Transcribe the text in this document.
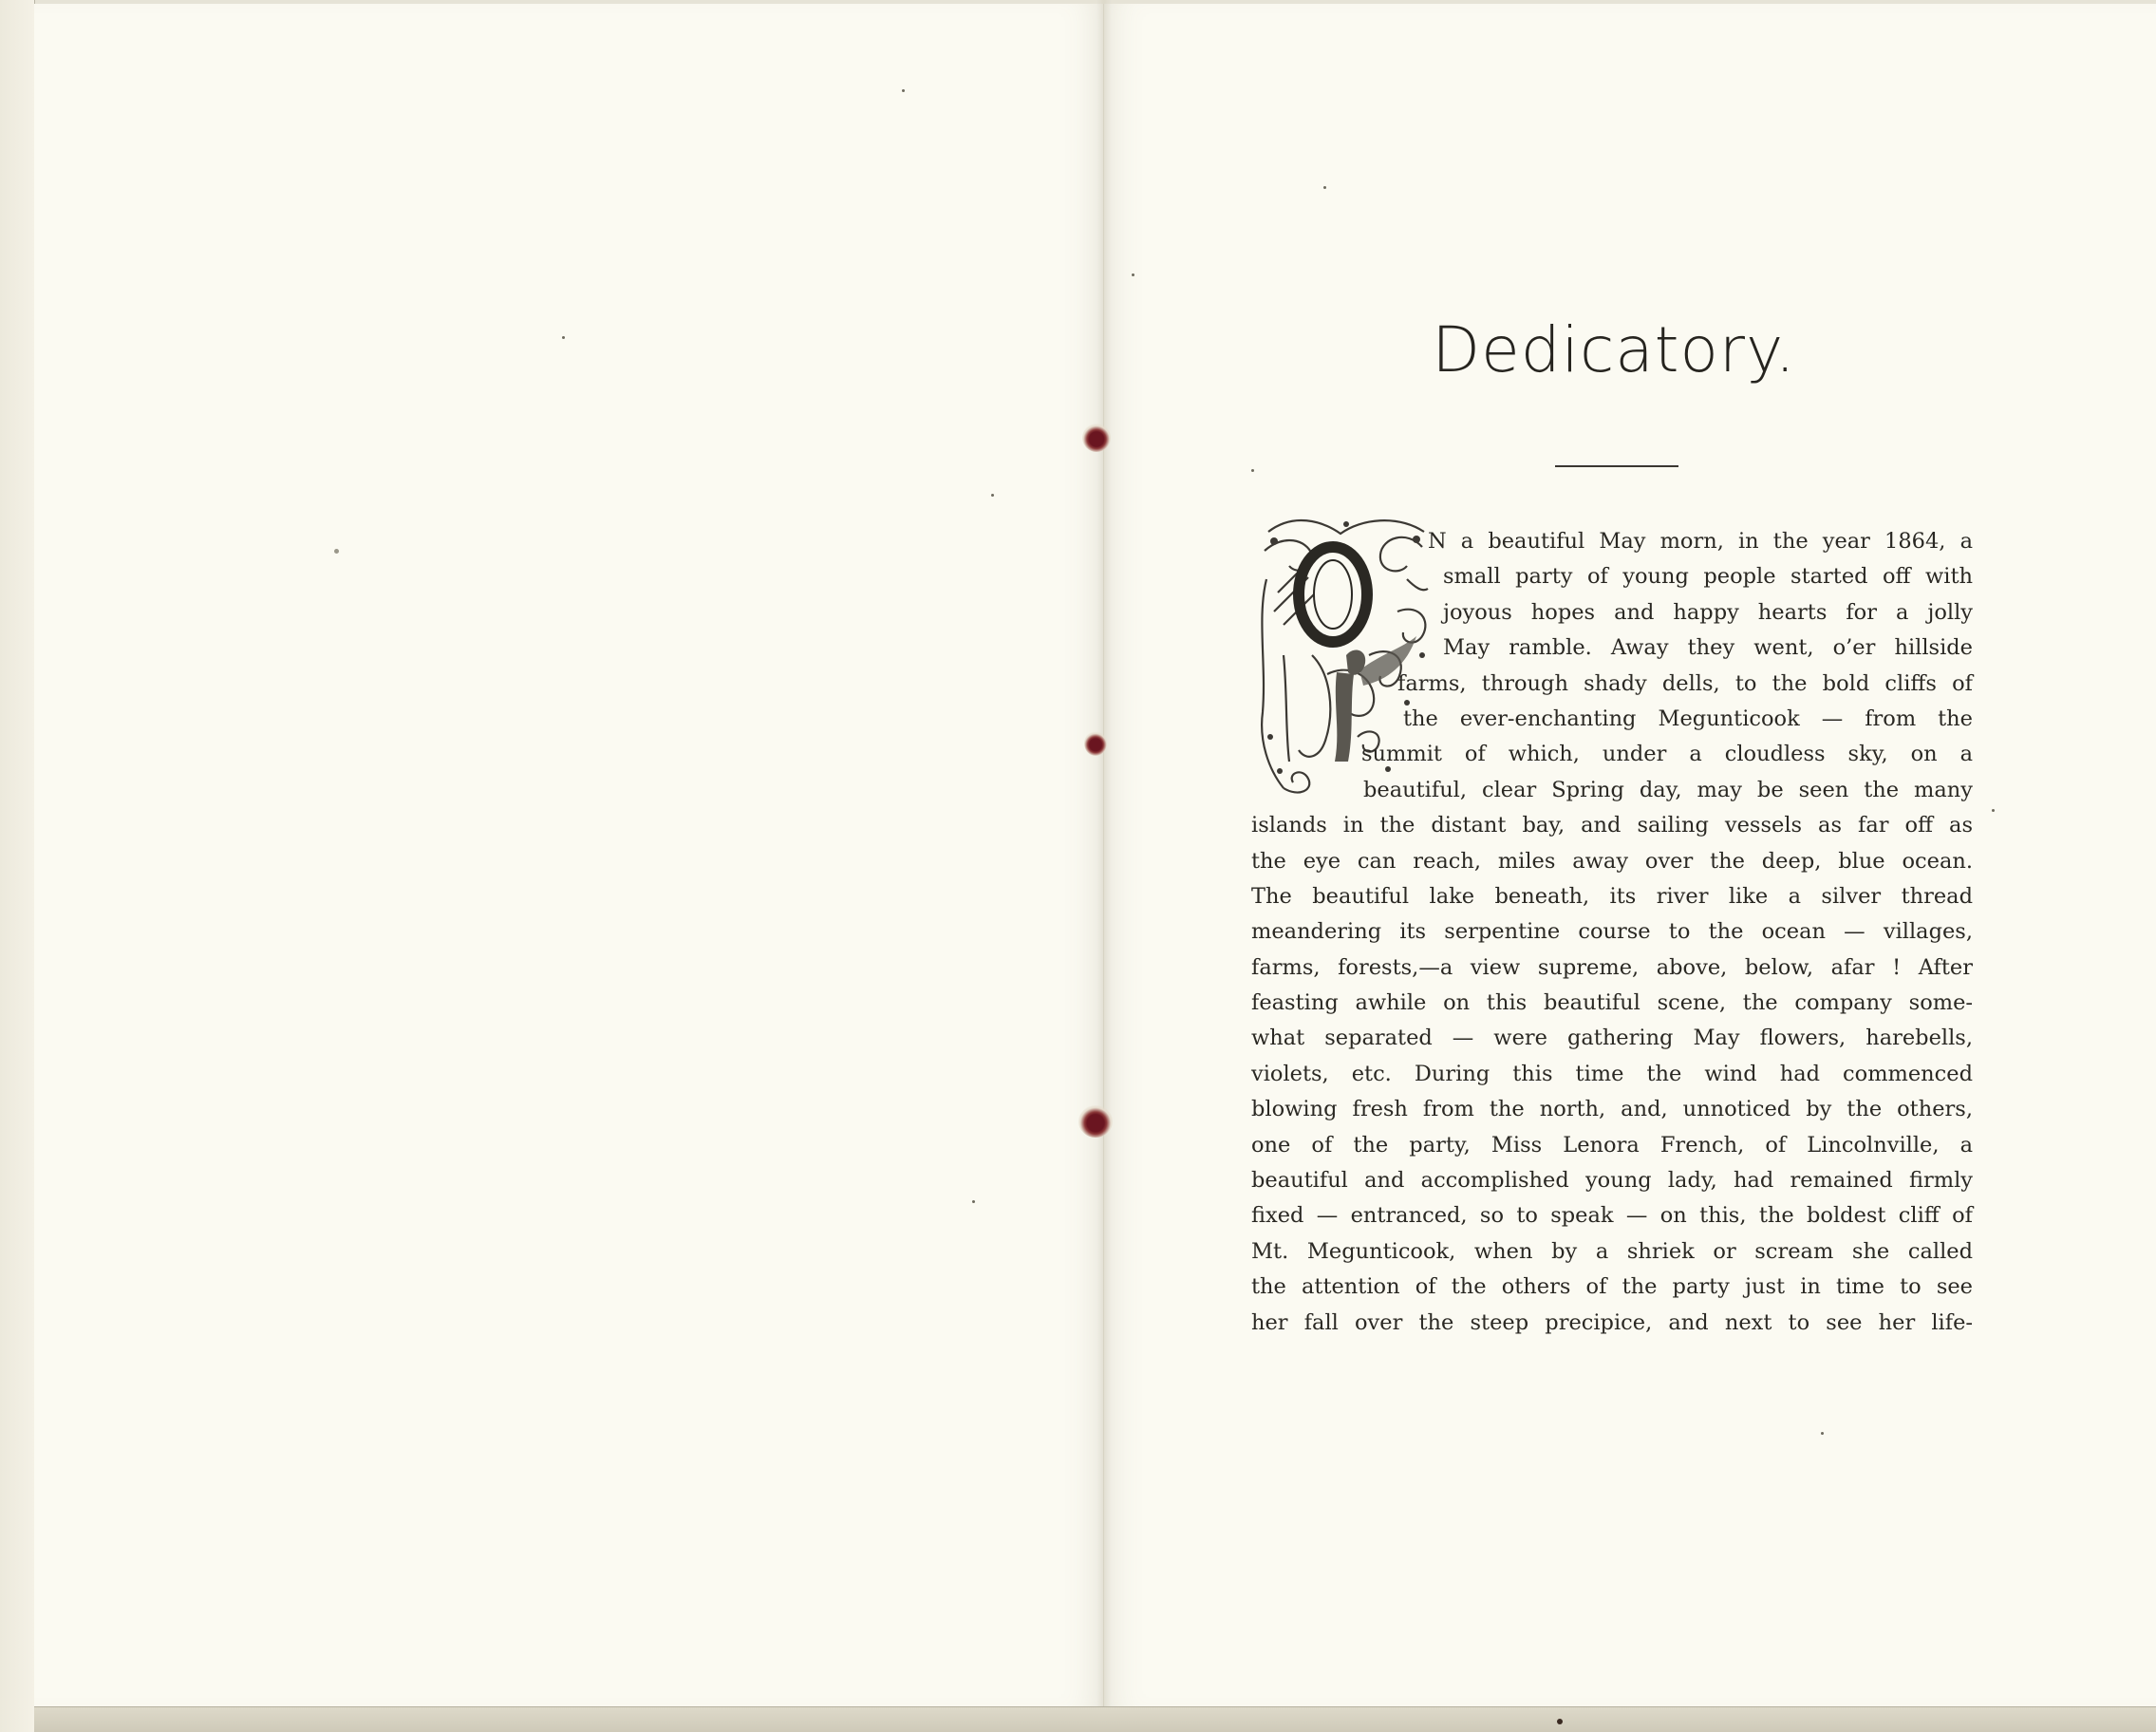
Dedicatory.
N a beautiful May morn, in the year 1864, a
small party of young people started off with
joyous hopes and happy hearts for a jolly
May ramble. Away they went, o’er hillside
farms, through shady dells, to the bold cliffs of
the ever-enchanting Megunticook — from the
summit of which, under a cloudless sky, on a
beautiful, clear Spring day, may be seen the many
islands in the distant bay, and sailing vessels as far off as
the eye can reach, miles away over the deep, blue ocean.
The beautiful lake beneath, its river like a silver thread
meandering its serpentine course to the ocean — villages,
farms, forests,—a view supreme, above, below, afar ! After
feasting awhile on this beautiful scene, the company some-
what separated — were gathering May flowers, harebells,
violets, etc. During this time the wind had commenced
blowing fresh from the north, and, unnoticed by the others,
one of the party, Miss Lenora French, of Lincolnville, a
beautiful and accomplished young lady, had remained firmly
fixed — entranced, so to speak — on this, the boldest cliff of
Mt. Megunticook, when by a shriek or scream she called
the attention of the others of the party just in time to see
her fall over the steep precipice, and next to see her life-
